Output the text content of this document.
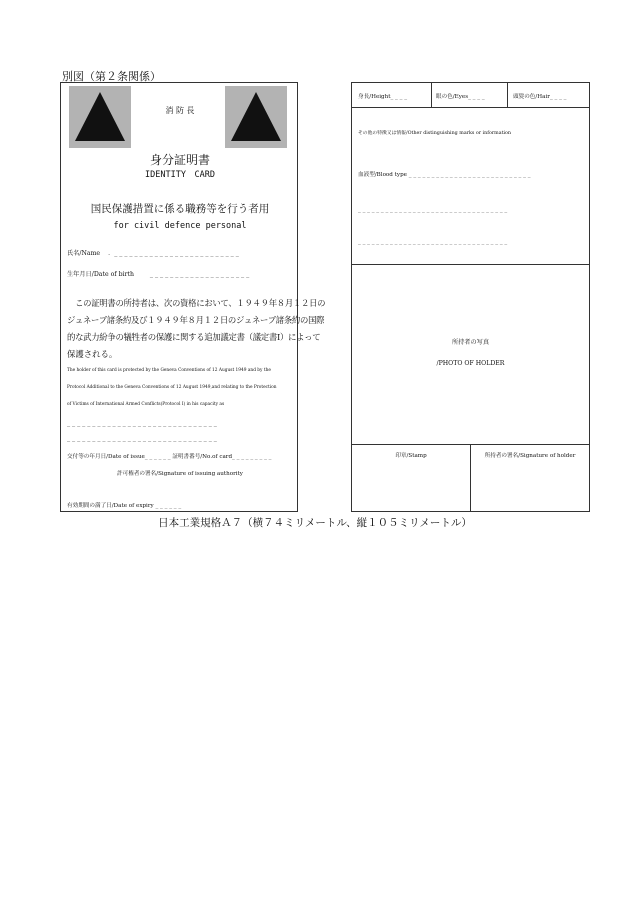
別図（第２条関係）
消 防 長
身分証明書
IDENTITY　CARD
国民保護措置に係る職務等を行う者用
for civil defence personal
氏名/Name ．_ _ _ _ _ _ _ _ _ _ _ _ _ _ _ _ _ _ _ _ _ _ _ _ _
生年月日/Date of birth	_ _ _ _ _ _ _ _ _ _ _ _ _ _ _ _ _ _ _ _
　この証明書の所持者は、次の資格において、１９４９年８月１２日の
ジュネーブ諸条約及び１９４９年８月１２日のジュネーブ諸条約の国際
的な武力紛争の犠牲者の保護に関する追加議定書（議定書Ⅰ）によって
保護される。
The holder of this card is protected by the Geneva Conventions of 12 August 1949 and by the
Protocol Additional to the Geneva Conventions of 12 August 1949,and relating to the Protection
of Victims of International Armed Conflicts(Protocol I) in his capacity as
_ _ _ _ _ _ _ _ _ _ _ _ _ _ _ _ _ _ _ _ _ _ _ _ _ _ _ _ _ _
_ _ _ _ _ _ _ _ _ _ _ _ _ _ _ _ _ _ _ _ _ _ _ _ _ _ _ _ _ _
交付等の年月日/Date of issue_ _ _ _ _ _ 証明書番号/No.of card_ _ _ _ _ _ _ _ _
許可権者の署名/Signature of issuing authority
有効期間の満了日/Date of expiry _ _ _ _ _ _
身長/Height_ _ _ _	眼の色/Eyes_ _ _ _	頭髪の色/Hair_ _ _ _
その他の特徴又は情報/Other distinguishing marks or information
血液型/Blood type _ _ _ _ _ _ _ _ _ _ _ _ _ _ _ _ _ _ _ _ _ _ _ _ _ _ _
_ _ _ _ _ _ _ _ _ _ _ _ _ _ _ _ _ _ _ _ _ _ _ _ _ _ _ _ _ _ _ _ _
_ _ _ _ _ _ _ _ _ _ _ _ _ _ _ _ _ _ _ _ _ _ _ _ _ _ _ _ _ _ _ _ _
所持者の写真
/PHOTO OF HOLDER
印章/Stamp	所持者の署名/Signature of holder
日本工業規格Ａ７（横７４ミリメートル、縦１０５ミリメートル）
